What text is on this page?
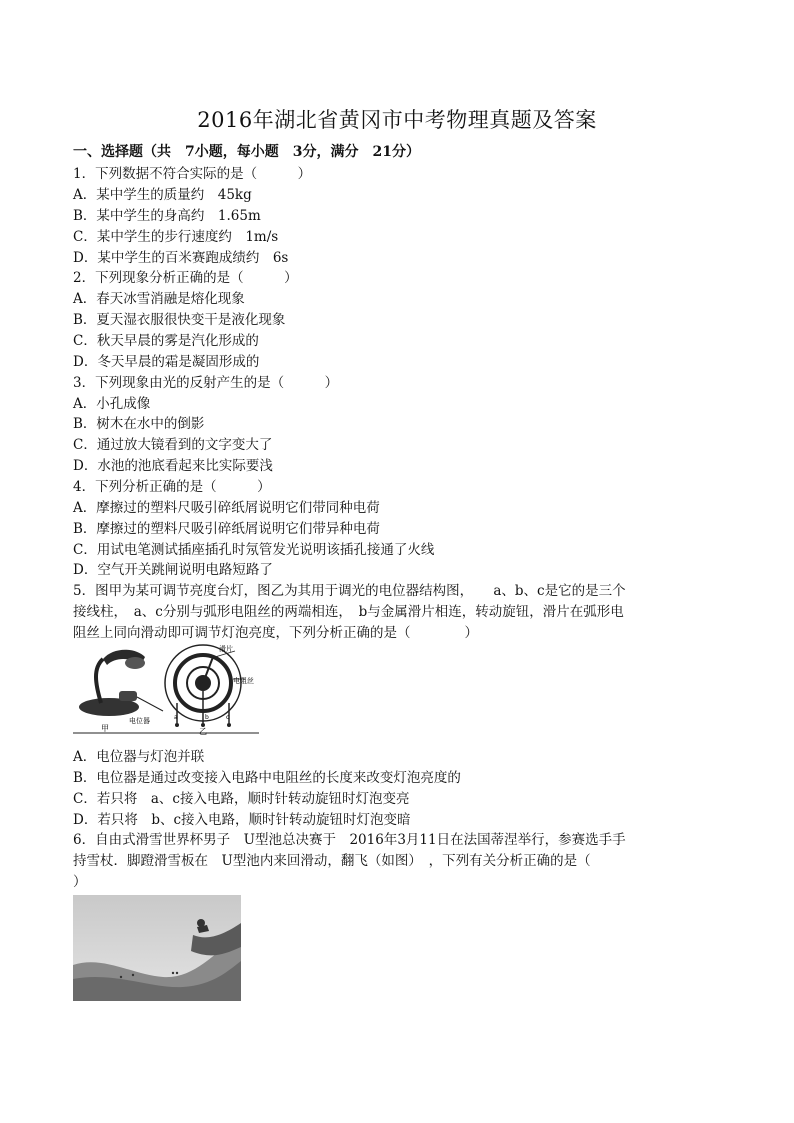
2016年湖北省黄冈市中考物理真题及答案
一、选择题（共　7小题，每小题　3分，满分　21分）
1．下列数据不符合实际的是（　　　）
A．某中学生的质量约　45kg
B．某中学生的身高约　1.65m
C．某中学生的步行速度约　1m/s
D．某中学生的百米赛跑成绩约　6s
2．下列现象分析正确的是（　　　）
A．春天冰雪消融是熔化现象
B．夏天湿衣服很快变干是液化现象
C．秋天早晨的雾是汽化形成的
D．冬天早晨的霜是凝固形成的
3．下列现象由光的反射产生的是（　　　）
A．小孔成像
B．树木在水中的倒影
C．通过放大镜看到的文字变大了
D．水池的池底看起来比实际要浅
4．下列分析正确的是（　　　）
A．摩擦过的塑料尺吸引碎纸屑说明它们带同种电荷
B．摩擦过的塑料尺吸引碎纸屑说明它们带异种电荷
C．用试电笔测试插座插孔时氖管发光说明该插孔接通了火线
D．空气开关跳闸说明电路短路了
5．图甲为某可调节亮度台灯，图乙为其用于调光的电位器结构图，　　a、b、c是它的是三个
接线柱，　a、c分别与弧形电阻丝的两端相连，　b与金属滑片相连，转动旋钮，滑片在弧形电
阻丝上同向滑动即可调节灯泡亮度，下列分析正确的是（　　　　）
甲
电位器
乙
滑片
电阻丝
a	b	c
A．电位器与灯泡并联
B．电位器是通过改变接入电路中电阻丝的长度来改变灯泡亮度的
C．若只将　a、c接入电路，顺时针转动旋钮时灯泡变亮
D．若只将　b、c接入电路，顺时针转动旋钮时灯泡变暗
6．自由式滑雪世界杯男子　U型池总决赛于　2016年3月11日在法国蒂涅举行，参赛选手手
持雪杖．脚蹬滑雪板在　U型池内来回滑动，翻飞（如图）　，下列有关分析正确的是（
）
